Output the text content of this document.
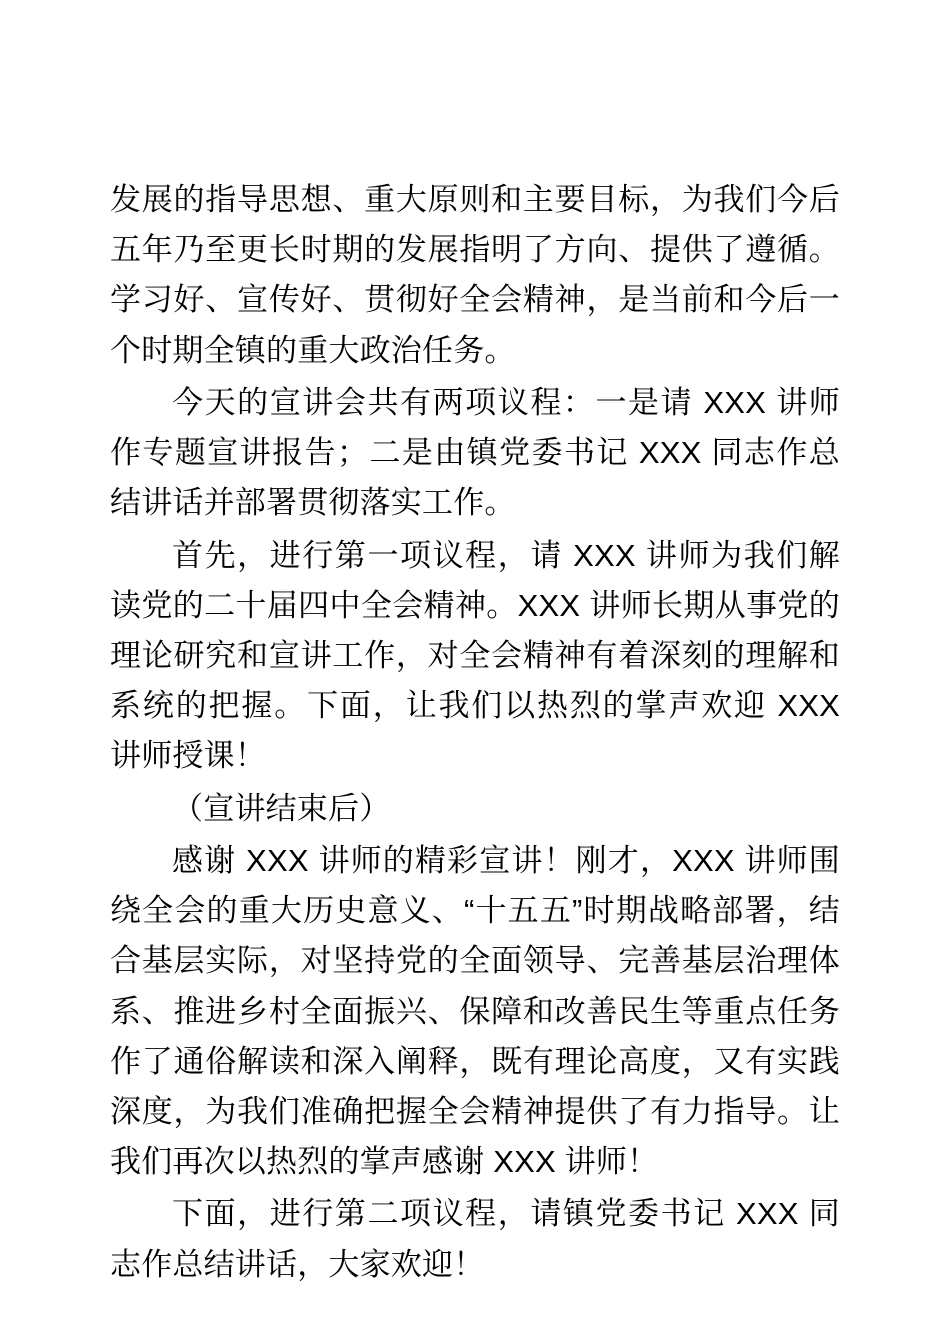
发展的指导思想、重大原则和主要目标，为我们今后五年乃至更长时期的发展指明了方向、提供了遵循。学习好、宣传好、贯彻好全会精神，是当前和今后一个时期全镇的重大政治任务。

今天的宣讲会共有两项议程：一是请 XXX 讲师作专题宣讲报告；二是由镇党委书记 XXX 同志作总结讲话并部署贯彻落实工作。

首先，进行第一项议程，请 XXX 讲师为我们解读党的二十届四中全会精神。XXX 讲师长期从事党的理论研究和宣讲工作，对全会精神有着深刻的理解和系统的把握。下面，让我们以热烈的掌声欢迎 XXX 讲师授课！

（宣讲结束后）

感谢 XXX 讲师的精彩宣讲！刚才，XXX 讲师围绕全会的重大历史意义、“十五五”时期战略部署，结合基层实际，对坚持党的全面领导、完善基层治理体系、推进乡村全面振兴、保障和改善民生等重点任务作了通俗解读和深入阐释，既有理论高度，又有实践深度，为我们准确把握全会精神提供了有力指导。让我们再次以热烈的掌声感谢 XXX 讲师！

下面，进行第二项议程，请镇党委书记 XXX 同志作总结讲话，大家欢迎！
